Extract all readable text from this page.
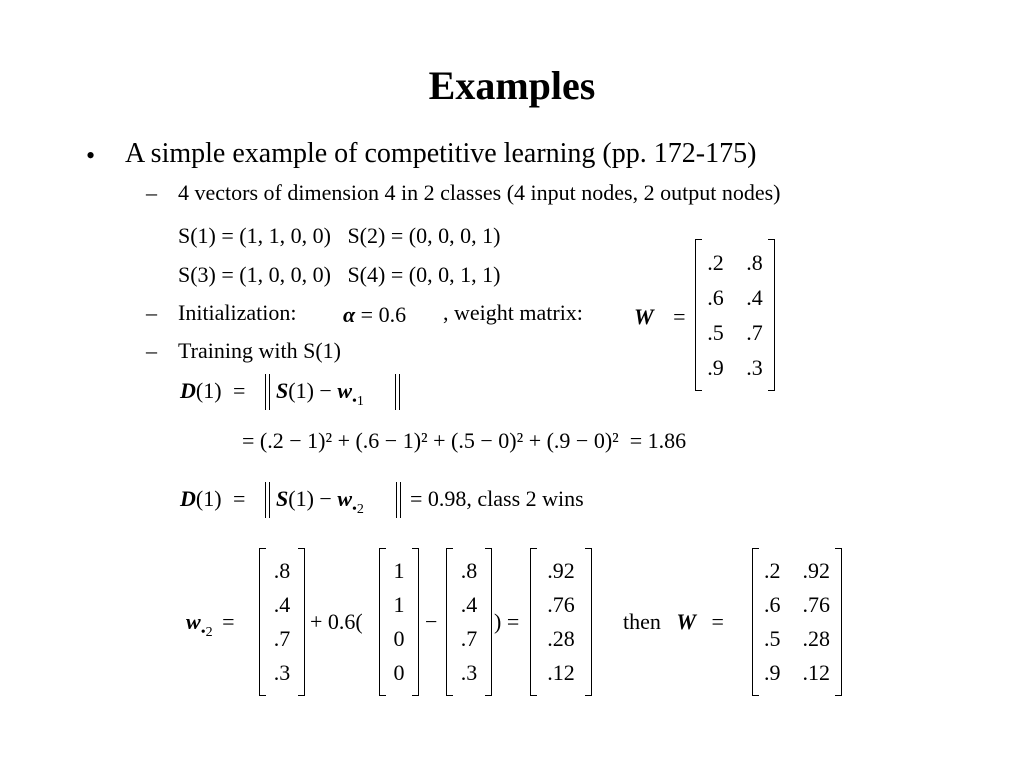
Examples
• A simple example of competitive learning (pp. 172-175)
– 4 vectors of dimension 4 in 2 classes (4 input nodes, 2 output nodes)
S(1) = (1, 1, 0, 0)   S(2) = (0, 0, 0, 1)
S(3) = (1, 0, 0, 0)   S(4) = (0, 0, 1, 1)
– Initialization: α = 0.6 , weight matrix: W =
.2 .8
.6 .4
.5 .7
.9 .3
– Training with S(1)
$D(1) = S(1) - w_{•1}$
= (.2 − 1)² + (.6 − 1)² + (.5 − 0)² + (.9 − 0)²  = 1.86
$D(1) = S(1) - w_{•2} = 0.98$, class 2 wins
$w_{•2}$ =
.8
.4
.7
.3
+ 0.6(
1
1
0
0
−
.8
.4
.7
.3
) =
.92
.76
.28
.12
then W =
.2 .92
.6 .76
.5 .28
.9 .12
